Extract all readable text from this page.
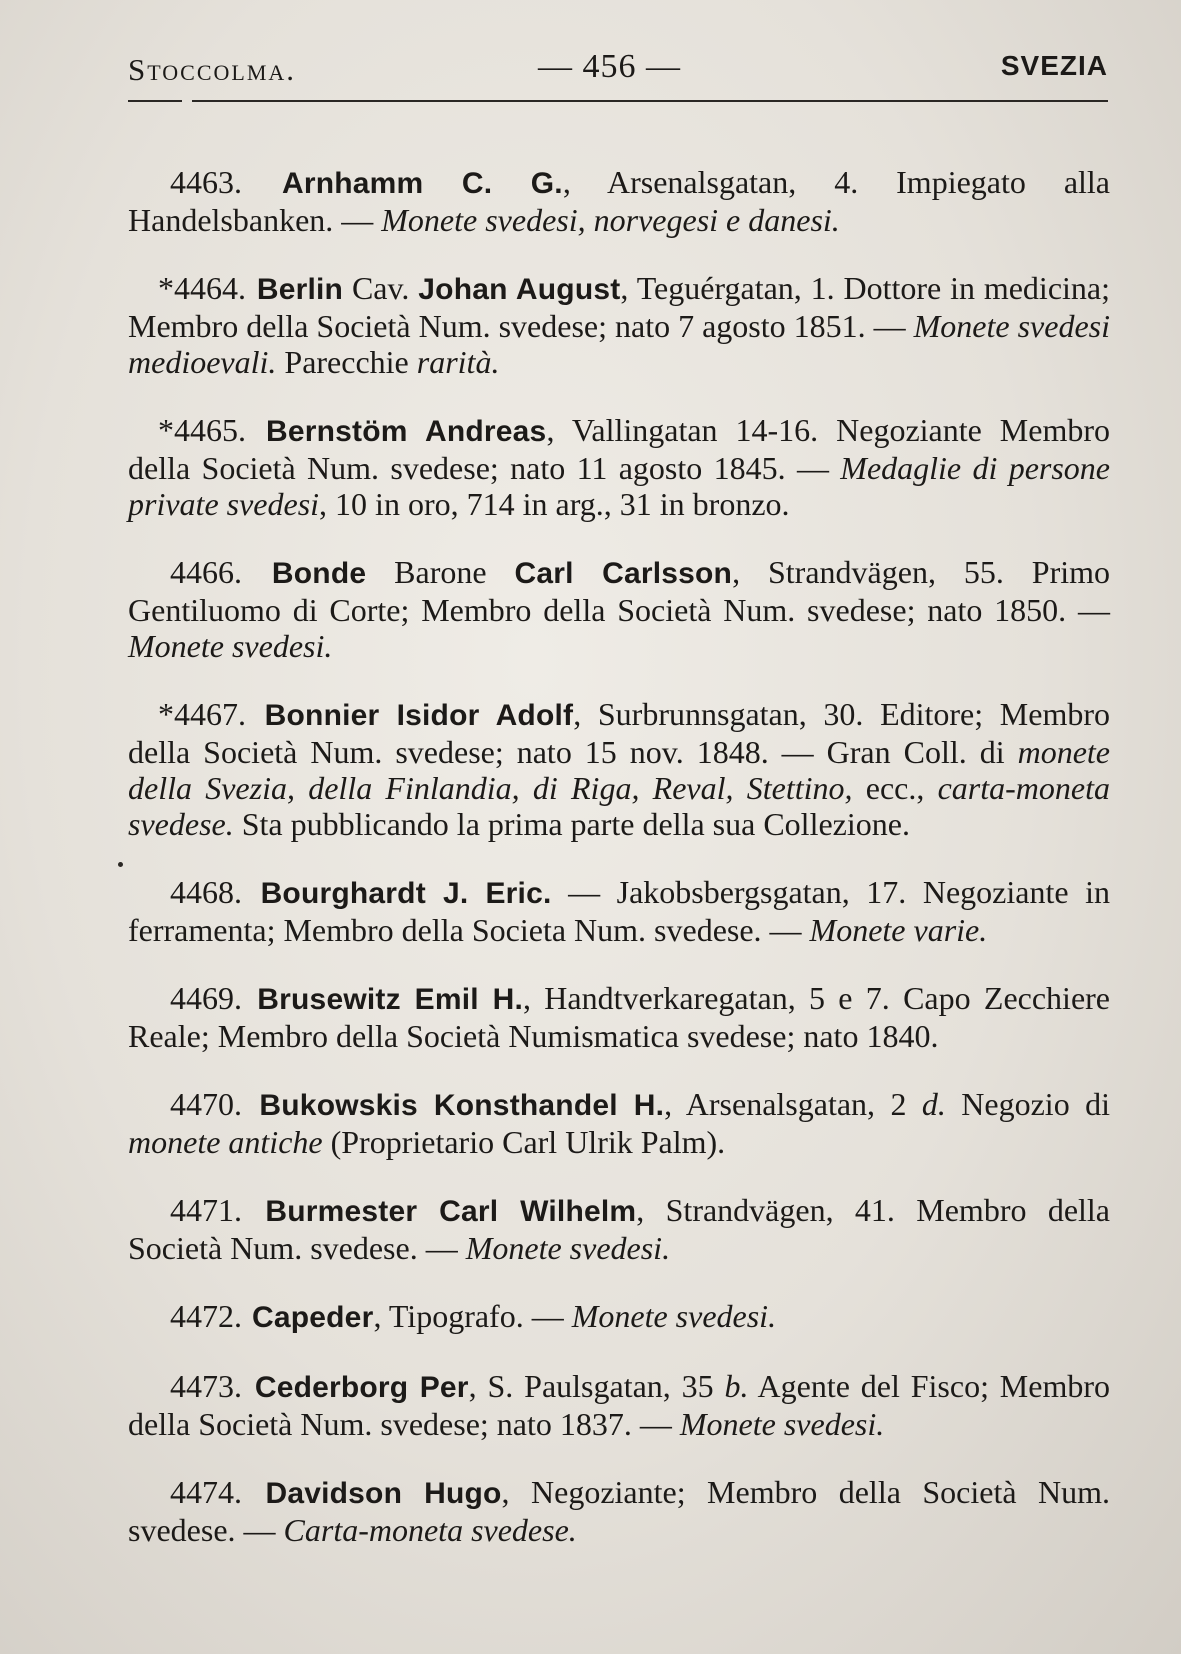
Stoccolma.	— 456 —	SVEZIA

4463. Arnhamm C. G., Arsenalsgatan, 4. Impiegato alla Handelsbanken. — Monete svedesi, norvegesi e danesi.

*4464. Berlin Cav. Johan August, Teguérgatan, 1. Dottore in medicina; Membro della Società Num. svedese; nato 7 agosto 1851. — Monete svedesi medioevali. Parecchie rarità.

*4465. Bernstöm Andreas, Vallingatan 14-16. Negoziante Membro della Società Num. svedese; nato 11 agosto 1845. — Medaglie di persone private svedesi, 10 in oro, 714 in arg., 31 in bronzo.

4466. Bonde Barone Carl Carlsson, Strandvägen, 55. Primo Gentiluomo di Corte; Membro della Società Num. svedese; nato 1850. — Monete svedesi.

*4467. Bonnier Isidor Adolf, Surbrunnsgatan, 30. Editore; Membro della Società Num. svedese; nato 15 nov. 1848. — Gran Coll. di monete della Svezia, della Finlandia, di Riga, Reval, Stettino, ecc., carta-moneta svedese. Sta pubblicando la prima parte della sua Collezione.

4468. Bourghardt J. Eric. — Jakobsbergsgatan, 17. Negoziante in ferramenta; Membro della Societa Num. svedese. — Monete varie.

4469. Brusewitz Emil H., Handtverkaregatan, 5 e 7. Capo Zecchiere Reale; Membro della Società Numismatica svedese; nato 1840.

4470. Bukowskis Konsthandel H., Arsenalsgatan, 2 d. Negozio di monete antiche (Proprietario Carl Ulrik Palm).

4471. Burmester Carl Wilhelm, Strandvägen, 41. Membro della Società Num. svedese. — Monete svedesi.

4472. Capeder, Tipografo. — Monete svedesi.

4473. Cederborg Per, S. Paulsgatan, 35 b. Agente del Fisco; Membro della Società Num. svedese; nato 1837. — Monete svedesi.

4474. Davidson Hugo, Negoziante; Membro della Società Num. svedese. — Carta-moneta svedese.
